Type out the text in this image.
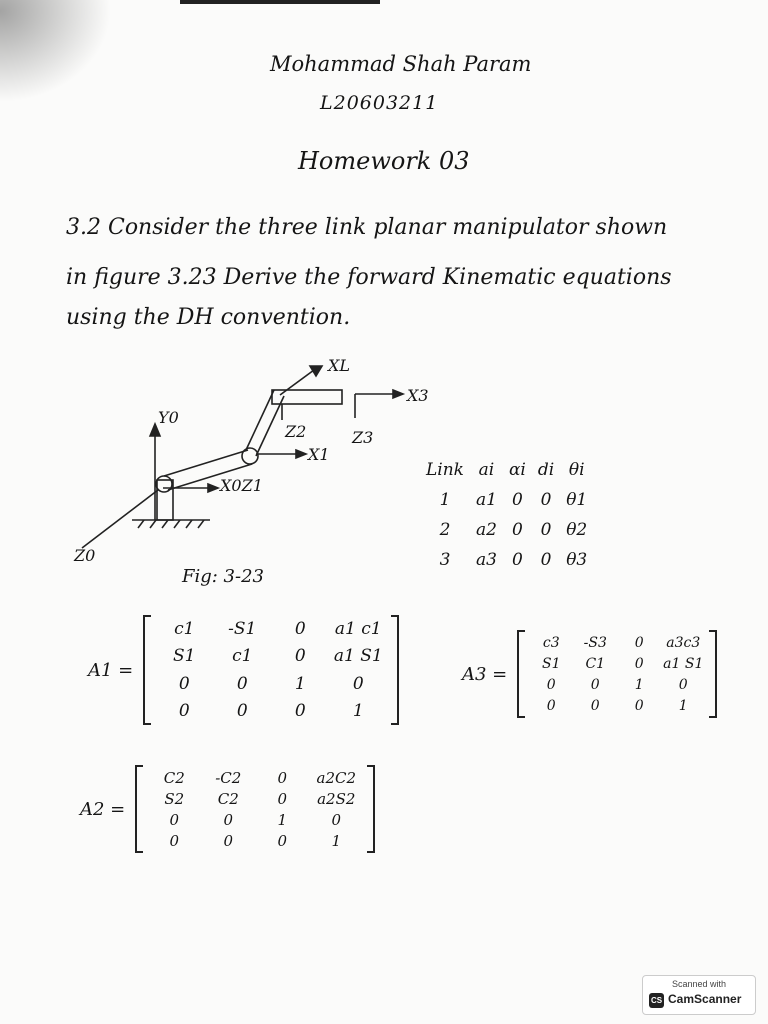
Mohammad Shah Param
L20603211
Homework 03
3.2 Consider the three link planar manipulator shown
in figure 3.23 Derive the forward Kinematic equations
using the DH convention.
XL
X3
Y0
Z2	Z3
X1
X0Z1
Z0
Fig: 3-23
Link	ai	αi	di	θi
1	a1	0	0	θ1
2	a2	0	0	θ2
3	a3	0	0	θ3
A1 =
c1	-S1	0	a1 c1
S1	c1	0	a1 S1
0	0	1	0
0	0	0	1
A3 =
c3	-S3	0	a3c3
S1	C1	0	a1 S1
0	0	1	0
0	0	0	1
A2 =
C2	-C2	0	a2C2
S2	C2	0	a2S2
0	0	1	0
0	0	0	1
Scanned with
CS CamScanner
